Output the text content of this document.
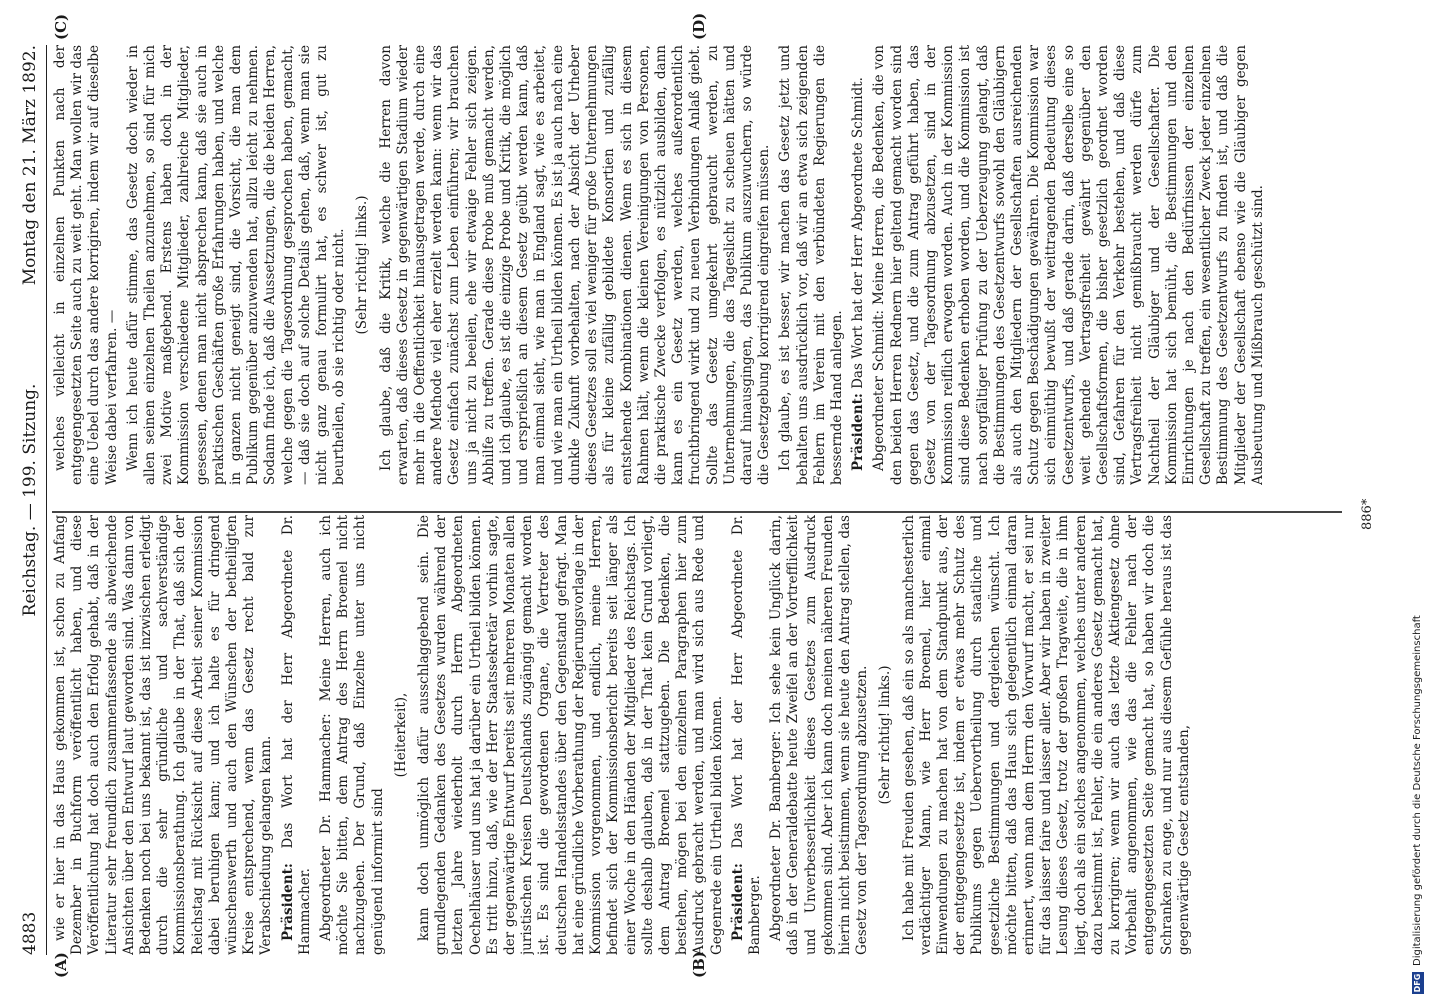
4883
Reichstag. — 199. Sitzung.
Montag den 21. März 1892.
(A)	(B)
(C)	(D)

wie er hier in das Haus gekommen ist, schon zu Anfang Dezember in Buchform veröffentlicht haben, und diese Veröffentlichung hat doch auch den Erfolg gehabt, daß in der Literatur sehr freundlich zusammenfassende als abweichende Ansichten über den Entwurf laut geworden sind. Was dann von Bedenken noch bei uns bekannt ist, das ist inzwischen erledigt durch die sehr gründliche und sachverständige Kommissionsberathung. Ich glaube in der That, daß sich der Reichstag mit Rücksicht auf diese Arbeit seiner Kommission dabei beruhigen kann; und ich halte es für dringend wünschenswerth und auch den Wünschen der betheiligten Kreise entsprechend, wenn das Gesetz recht bald zur Verabschiedung gelangen kann. Präsident: Das Wort hat der Herr Abgeordnete Dr. Hammacher. Abgeordneter Dr. Hammacher: Meine Herren, auch ich möchte Sie bitten, dem Antrag des Herrn Broemel nicht nachzugeben. Der Grund, daß Einzelne unter uns nicht genügend informirt sind

(Heiterkeit), kann doch unmöglich dafür ausschlaggebend sein. Die grundlegenden Gedanken des Gesetzes wurden während der letzten Jahre wiederholt durch Herrn Abgeordneten Oechelhäuser und uns hat ja darüber ein Urtheil bilden können. Es tritt hinzu, daß, wie der Herr Staatssekretär vorhin sagte, der gegenwärtige Entwurf bereits seit mehreren Monaten allen juristischen Kreisen Deutschlands zugängig gemacht worden ist. Es sind die gewordenen Organe, die Vertreter des deutschen Handelsstandes über den Gegenstand gefragt. Man hat eine gründliche Vorberathung der Regierungsvorlage in der Kommission vorgenommen, und endlich, meine Herren, befindet sich der Kommissionsbericht bereits seit länger als einer Woche in den Händen der Mitglieder des Reichstags. Ich sollte deshalb glauben, daß in der That kein Grund vorliegt, dem Antrag Broemel stattzugeben. Die Bedenken, die bestehen, mögen bei den einzelnen Paragraphen hier zum Ausdruck gebracht werden, und man wird sich aus Rede und Gegenrede ein Urtheil bilden können. Präsident: Das Wort hat der Herr Abgeordnete Dr. Bamberger. Abgeordneter Dr. Bamberger: Ich sehe kein Unglück darin, daß in der Generaldebatte heute Zweifel an der Vortrefflichkeit und Unverbesserlichkeit dieses Gesetzes zum Ausdruck gekommen sind. Aber ich kann doch meinen näheren Freunden hierin nicht beistimmen, wenn sie heute den Antrag stellen, das Gesetz von der Tagesordnung abzusetzen. (Sehr richtig! links.) Ich habe mit Freuden gesehen, daß ein so als manchesterlich verdächtiger Mann, wie Herr Broemel, hier einmal Einwendungen zu machen hat von dem Standpunkt aus, der der entgegengesetzte ist, indem er etwas mehr Schutz des Publikums gegen Uebervortheilung durch staatliche und gesetzliche Bestimmungen und dergleichen wünscht. Ich möchte bitten, daß das Haus sich gelegentlich einmal daran erinnert, wenn man dem Herrn den Vorwurf macht, er sei nur für das laisser faire und laisser aller. Aber wir haben in zweiter Lesung dieses Gesetz, trotz der großen Tragweite, die in ihm liegt, doch als ein solches angenommen, welches unter anderen dazu bestimmt ist, Fehler, die ein anderes Gesetz gemacht hat, zu korrigiren; wenn wir auch das letzte Aktiengesetz ohne Vorbehalt angenommen, wie das die Fehler nach der entgegengesetzten Seite gemacht hat, so haben wir doch die Schranken zu enge, und nur aus diesem Gefühle heraus ist das gegenwärtige Gesetz entstanden,

welches vielleicht in einzelnen Punkten nach der entgegengesetzten Seite auch zu weit geht. Man wollen wir das eine Uebel durch das andere korrigiren, indem wir auf dieselbe Weise dabei verfahren. — Wenn ich heute dafür stimme, das Gesetz doch wieder in allen seinen einzelnen Theilen anzunehmen, so sind für mich zwei Motive maßgebend. Erstens haben doch in der Kommission verschiedene Mitglieder, zahlreiche Mitglieder, gesessen, denen man nicht absprechen kann, daß sie auch in praktischen Geschäften große Erfahrungen haben, und welche in ganzen nicht geneigt sind, die Vorsicht, die man dem Publikum gegenüber anzuwenden hat, allzu leicht zu nehmen. Sodann finde ich, daß die Aussetzungen, die die beiden Herren, welche gegen die Tagesordnung gesprochen haben, gemacht, — daß sie doch auf solche Details gehen, daß, wenn man sie nicht ganz genau formulirt hat, es schwer ist, gut zu beurtheilen, ob sie richtig oder nicht. (Sehr richtig! links.) Ich glaube, daß die Kritik, welche die Herren davon erwarten, daß dieses Gesetz in gegenwärtigen Stadium wieder mehr in die Oeffentlichkeit hinausgetragen werde, durch eine andere Methode viel eher erzielt werden kann: wenn wir das Gesetz einfach zunächst zum Leben einführen; wir brauchen uns ja nicht zu beeilen, ehe wir etwaige Fehler sich zeigen. Abhilfe zu treffen. Gerade diese Probe muß gemacht werden, und ich glaube, es ist die einzige Probe und Kritik, die möglich und ersprießlich an diesem Gesetz geübt werden kann, daß man einmal sieht, wie man in England sagt, wie es arbeitet, und wie man ein Urtheil bilden können. Es ist ja auch nach eine dunkle Zukunft vorbehalten, nach der Absicht der Urheber dieses Gesetzes soll es viel weniger für große Unternehmungen als für kleine zufällig gebildete Konsortien und zufällig entstehende Kombinationen dienen. Wenn es sich in diesem Rahmen hält, wenn die kleinen Vereinigungen von Personen, die praktische Zwecke verfolgen, es nützlich ausbilden, dann kann es ein Gesetz werden, welches außerordentlich fruchtbringend wirkt und zu neuen Verbindungen Anlaß giebt. Sollte das Gesetz umgekehrt gebraucht werden, zu Unternehmungen, die das Tageslicht zu scheuen hätten und darauf hinausgingen, das Publikum auszuwuchern, so würde die Gesetzgebung korrigirend eingreifen müssen. Ich glaube, es ist besser, wir machen das Gesetz jetzt und behalten uns ausdrücklich vor, daß wir an etwa sich zeigenden Fehlern im Verein mit den verbündeten Regierungen die bessernde Hand anlegen. Präsident: Das Wort hat der Herr Abgeordnete Schmidt. Abgeordneter Schmidt: Meine Herren, die Bedenken, die von den beiden Herren Rednern hier geltend gemacht worden sind gegen das Gesetz, und die zum Antrag geführt haben, das Gesetz von der Tagesordnung abzusetzen, sind in der Kommission reiflich erwogen worden. Auch in der Kommission sind diese Bedenken erhoben worden, und die Kommission ist nach sorgfältiger Prüfung zu der Ueberzeugung gelangt, daß die Bestimmungen des Gesetzentwurfs sowohl den Gläubigern als auch den Mitgliedern der Gesellschaften ausreichenden Schutz gegen Beschädigungen gewähren. Die Kommission war sich einmüthig bewußt der weittragenden Bedeutung dieses Gesetzentwurfs, und daß gerade darin, daß derselbe eine so weit gehende Vertragsfreiheit gewährt gegenüber den Gesellschaftsformen, die bisher gesetzlich geordnet worden sind, Gefahren für den Verkehr bestehen, und daß diese Vertragsfreiheit nicht gemißbraucht werden dürfe zum Nachtheil der Gläubiger und der Gesellschafter. Die Kommission hat sich bemüht, die Bestimmungen und den Einrichtungen je nach den Bedürfnissen der einzelnen Gesellschaft zu treffen, ein wesentlicher Zweck jeder einzelnen Bestimmung des Gesetzentwurfs zu finden ist, und daß die Mitglieder der Gesellschaft ebenso wie die Gläubiger gegen Ausbeutung und Mißbrauch geschützt sind.

886*
DFG
Digitalisierung gefördert durch die Deutsche Forschungsgemeinschaft
